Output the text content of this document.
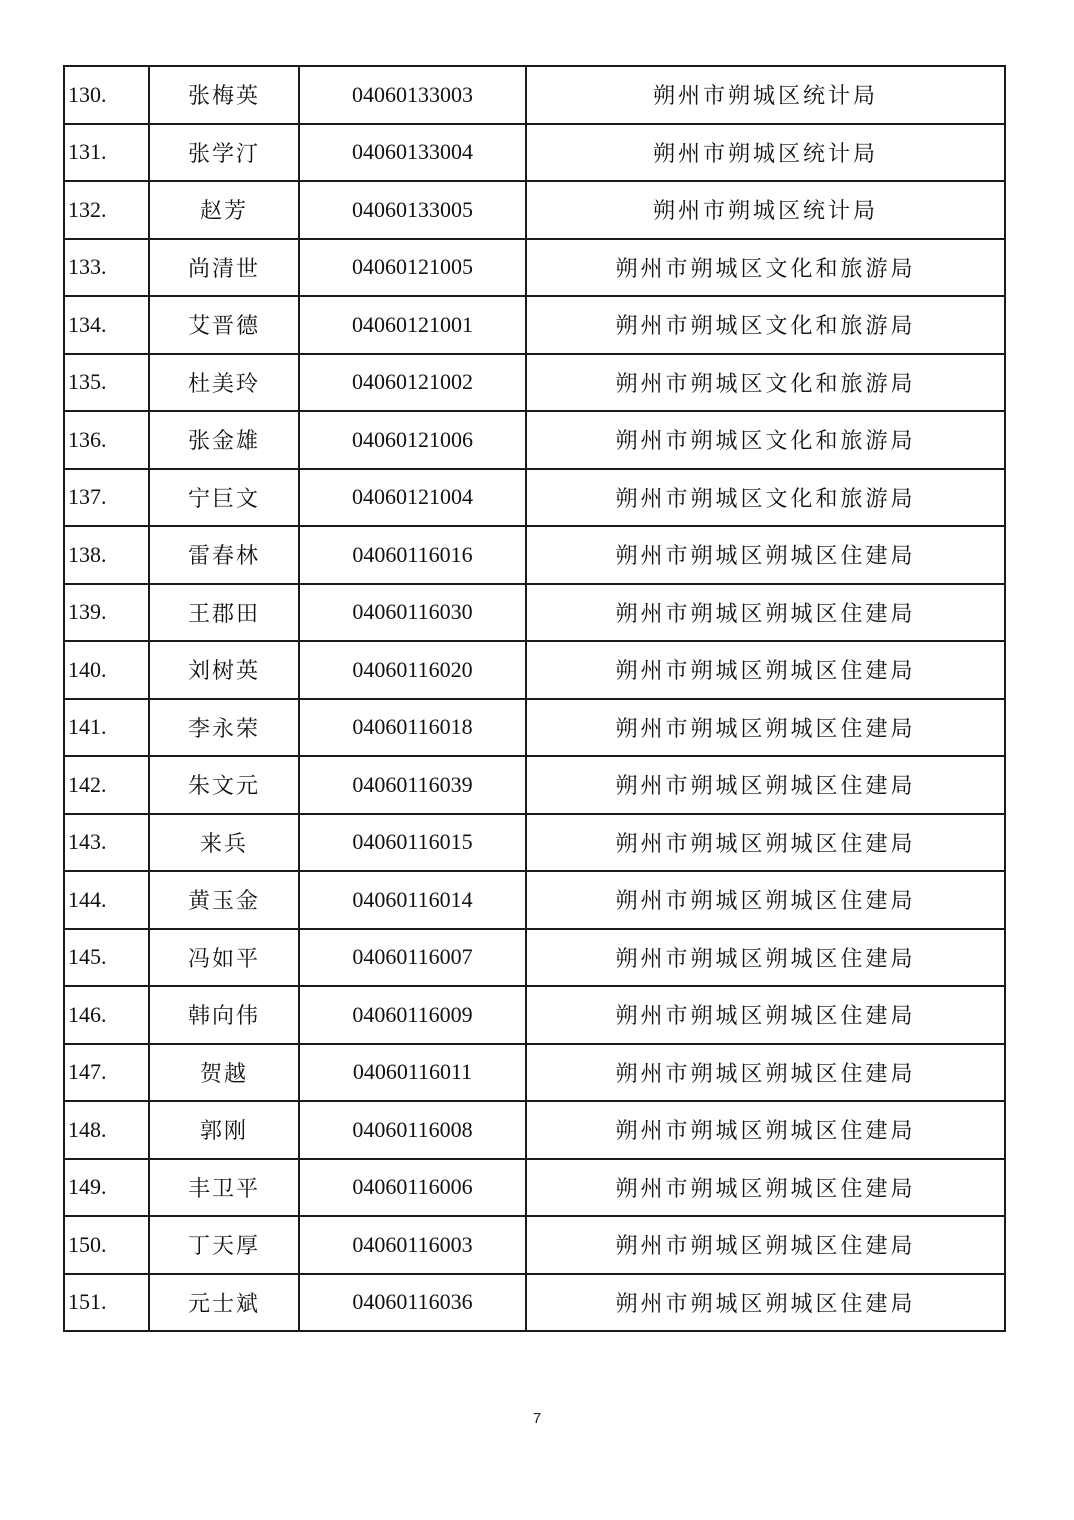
130.	张梅英	04060133003	朔州市朔城区统计局
131.	张学汀	04060133004	朔州市朔城区统计局
132.	赵芳	04060133005	朔州市朔城区统计局
133.	尚清世	04060121005	朔州市朔城区文化和旅游局
134.	艾晋德	04060121001	朔州市朔城区文化和旅游局
135.	杜美玲	04060121002	朔州市朔城区文化和旅游局
136.	张金雄	04060121006	朔州市朔城区文化和旅游局
137.	宁巨文	04060121004	朔州市朔城区文化和旅游局
138.	雷春林	04060116016	朔州市朔城区朔城区住建局
139.	王郡田	04060116030	朔州市朔城区朔城区住建局
140.	刘树英	04060116020	朔州市朔城区朔城区住建局
141.	李永荣	04060116018	朔州市朔城区朔城区住建局
142.	朱文元	04060116039	朔州市朔城区朔城区住建局
143.	来兵	04060116015	朔州市朔城区朔城区住建局
144.	黄玉金	04060116014	朔州市朔城区朔城区住建局
145.	冯如平	04060116007	朔州市朔城区朔城区住建局
146.	韩向伟	04060116009	朔州市朔城区朔城区住建局
147.	贺越	04060116011	朔州市朔城区朔城区住建局
148.	郭刚	04060116008	朔州市朔城区朔城区住建局
149.	丰卫平	04060116006	朔州市朔城区朔城区住建局
150.	丁天厚	04060116003	朔州市朔城区朔城区住建局
151.	元士斌	04060116036	朔州市朔城区朔城区住建局
7
